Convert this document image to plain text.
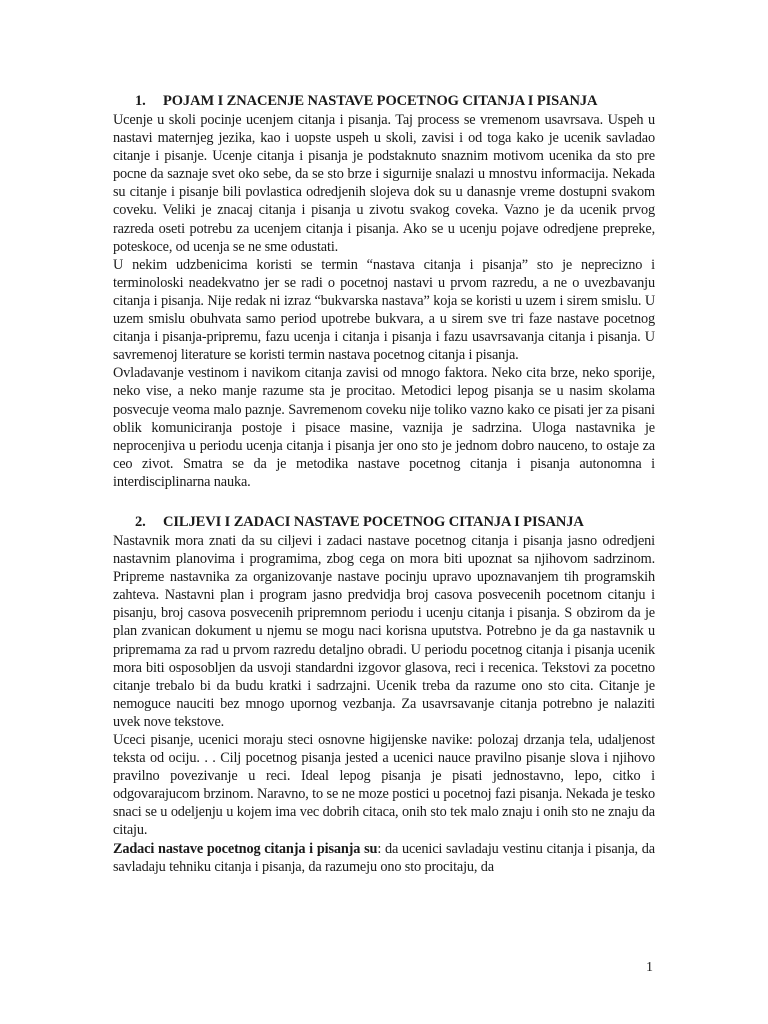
1. POJAM I ZNACENJE NASTAVE POCETNOG CITANJA I PISANJA

Ucenje u skoli pocinje ucenjem citanja i pisanja. Taj process se vremenom usavrsava. Uspeh u nastavi maternjeg jezika, kao i uopste uspeh u skoli, zavisi i od toga kako je ucenik savladao citanje i pisanje. Ucenje citanja i pisanja je podstaknuto snaznim motivom ucenika da sto pre pocne da saznaje svet oko sebe, da se sto brze i sigurnije snalazi u mnostvu informacija. Nekada su citanje i pisanje bili povlastica odredjenih slojeva dok su u danasnje vreme dostupni svakom coveku. Veliki je znacaj citanja i pisanja u zivotu svakog coveka. Vazno je da ucenik prvog razreda oseti potrebu za ucenjem citanja i pisanja. Ako se u ucenju pojave odredjene prepreke, poteskoce, od ucenja se ne sme odustati.

U nekim udzbenicima koristi se termin “nastava citanja i pisanja” sto je neprecizno i terminoloski neadekvatno jer se radi o pocetnoj nastavi u prvom razredu, a ne o uvezbavanju citanja i pisanja. Nije redak ni izraz “bukvarska nastava” koja se koristi u uzem i sirem smislu. U uzem smislu obuhvata samo period upotrebe bukvara, a u sirem sve tri faze nastave pocetnog citanja i pisanja-pripremu, fazu ucenja i citanja i pisanja i fazu usavrsavanja citanja i pisanja. U savremenoj literature se koristi termin nastava pocetnog citanja i pisanja.

Ovladavanje vestinom i navikom citanja zavisi od mnogo faktora. Neko cita brze, neko sporije, neko vise, a neko manje razume sta je procitao. Metodici lepog pisanja se u nasim skolama posvecuje veoma malo paznje. Savremenom coveku nije toliko vazno kako ce pisati jer za pisani oblik komuniciranja postoje i pisace masine, vaznija je sadrzina. Uloga nastavnika je neprocenjiva u periodu ucenja citanja i pisanja jer ono sto je jednom dobro nauceno, to ostaje za ceo zivot. Smatra se da je metodika nastave pocetnog citanja i pisanja autonomna i interdisciplinarna nauka.

2. CILJEVI I ZADACI NASTAVE POCETNOG CITANJA I PISANJA

Nastavnik mora znati da su ciljevi i zadaci nastave pocetnog citanja i pisanja jasno odredjeni nastavnim planovima i programima, zbog cega on mora biti upoznat sa njihovom sadrzinom. Pripreme nastavnika za organizovanje nastave pocinju upravo upoznavanjem tih programskih zahteva. Nastavni plan i program jasno predvidja broj casova posvecenih pocetnom citanju i pisanju, broj casova posvecenih pripremnom periodu i ucenju citanja i pisanja. S obzirom da je plan zvanican dokument u njemu se mogu naci korisna uputstva. Potrebno je da ga nastavnik u pripremama za rad u prvom razredu detaljno obradi. U periodu pocetnog citanja i pisanja ucenik mora biti osposobljen da usvoji standardni izgovor glasova, reci i recenica. Tekstovi za pocetno citanje trebalo bi da budu kratki i sadrzajni. Ucenik treba da razume ono sto cita. Citanje je nemoguce nauciti bez mnogo upornog vezbanja. Za usavrsavanje citanja potrebno je nalaziti uvek nove tekstove.

Uceci pisanje, ucenici moraju steci osnovne higijenske navike: polozaj drzanja tela, udaljenost teksta od ociju. . . Cilj pocetnog pisanja jested a ucenici nauce pravilno pisanje slova i njihovo pravilno povezivanje u reci. Ideal lepog pisanja je pisati jednostavno, lepo, citko i odgovarajucom brzinom. Naravno, to se ne moze postici u pocetnoj fazi pisanja. Nekada je tesko snaci se u odeljenju u kojem ima vec dobrih citaca, onih sto tek malo znaju i onih sto ne znaju da citaju.

Zadaci nastave pocetnog citanja i pisanja su: da ucenici savladaju vestinu citanja i pisanja, da savladaju tehniku citanja i pisanja, da razumeju ono sto procitaju, da

1
